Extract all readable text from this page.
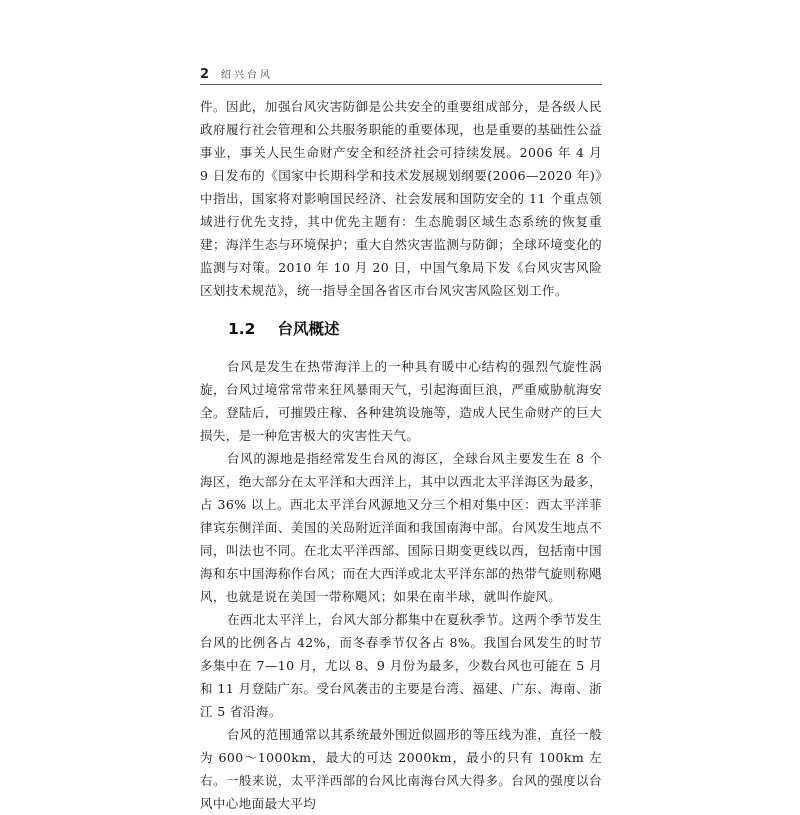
2 绍兴台风

件。因此，加强台风灾害防御是公共安全的重要组成部分，是各级人民政府履行社会管理和公共服务职能的重要体现，也是重要的基础性公益事业，事关人民生命财产安全和经济社会可持续发展。2006 年 4 月 9 日发布的《国家中长期科学和技术发展规划纲要(2006—2020 年)》中指出，国家将对影响国民经济、社会发展和国防安全的 11 个重点领域进行优先支持，其中优先主题有：生态脆弱区域生态系统的恢复重建；海洋生态与环境保护；重大自然灾害监测与防御；全球环境变化的监测与对策。2010 年 10 月 20 日，中国气象局下发《台风灾害风险区划技术规范》，统一指导全国各省区市台风灾害风险区划工作。

1.2 台风概述

台风是发生在热带海洋上的一种具有暖中心结构的强烈气旋性涡旋，台风过境常常带来狂风暴雨天气，引起海面巨浪，严重威胁航海安全。登陆后，可摧毁庄稼、各种建筑设施等，造成人民生命财产的巨大损失，是一种危害极大的灾害性天气。

台风的源地是指经常发生台风的海区，全球台风主要发生在 8 个海区，绝大部分在太平洋和大西洋上，其中以西北太平洋海区为最多，占 36% 以上。西北太平洋台风源地又分三个相对集中区：西太平洋菲律宾东侧洋面、美国的关岛附近洋面和我国南海中部。台风发生地点不同，叫法也不同。在北太平洋西部、国际日期变更线以西，包括南中国海和东中国海称作台风；而在大西洋或北太平洋东部的热带气旋则称飓风，也就是说在美国一带称飓风；如果在南半球，就叫作旋风。

在西北太平洋上，台风大部分都集中在夏秋季节。这两个季节发生台风的比例各占 42%，而冬春季节仅各占 8%。我国台风发生的时节多集中在 7—10 月，尤以 8、9 月份为最多，少数台风也可能在 5 月和 11 月登陆广东。受台风袭击的主要是台湾、福建、广东、海南、浙江 5 省沿海。

台风的范围通常以其系统最外围近似圆形的等压线为准，直径一般为 600～1000km，最大的可达 2000km，最小的只有 100km 左右。一般来说，太平洋西部的台风比南海台风大得多。台风的强度以台风中心地面最大平均
